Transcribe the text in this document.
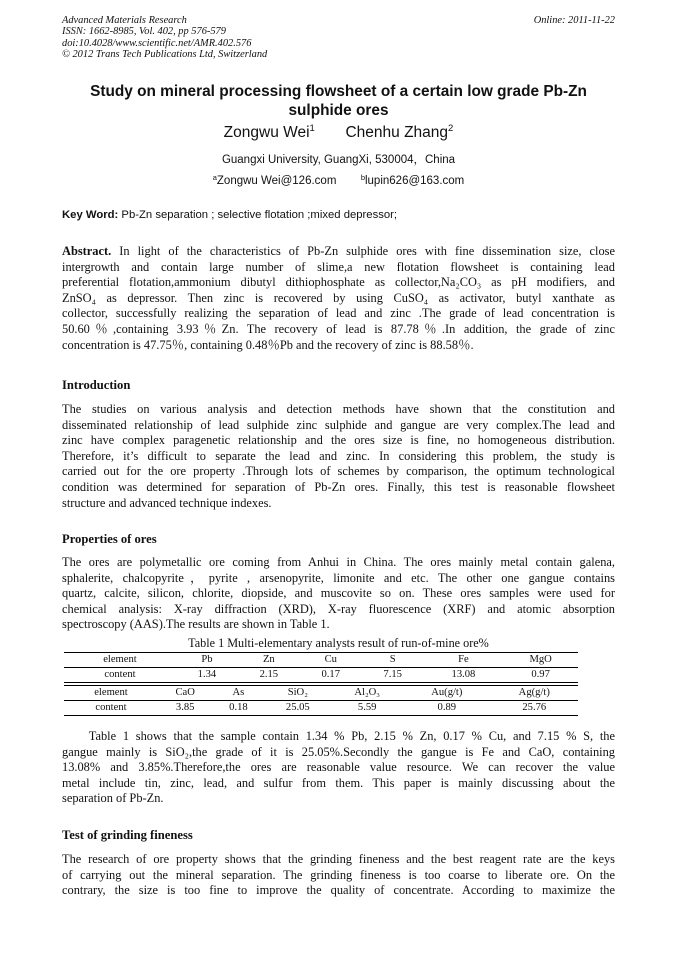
Advanced Materials Research
ISSN: 1662-8985, Vol. 402, pp 576-579
doi:10.4028/www.scientific.net/AMR.402.576
© 2012 Trans Tech Publications Ltd, Switzerland
Online: 2011-11-22
Study on mineral processing flowsheet of a certain low grade Pb-Zn
sulphide ores
Zongwu Wei$^1$ Chenhu Zhang$^2$
Guangxi University, GuangXi, 530004，China
$^a$Zongwu Wei@126.com	$^b$lupin626@163.com
Key Word: Pb-Zn separation ; selective flotation ;mixed depressor;
Abstract. In light of the characteristics of Pb-Zn sulphide ores with fine dissemination size, close
intergrowth and contain large number of slime,a new flotation flowsheet is containing lead
preferential flotation,ammonium dibutyl dithiophosphate as collector,Na₂CO₃ as pH modifiers, and
ZnSO₄ as depressor. Then zinc is recovered by using CuSO₄ as activator, butyl xanthate as
collector, successfully realizing the separation of lead and zinc .The grade of lead concentration is
50.60％,containing 3.93％Zn. The recovery of lead is 87.78％.In addition, the grade of zinc
concentration is 47.75％, containing 0.48％Pb and the recovery of zinc is 88.58％.
Introduction
The studies on various analysis and detection methods have shown that the constitution and
disseminated relationship of lead sulphide zinc sulphide and gangue are very complex.The lead and
zinc have complex paragenetic relationship and the ores size is fine, no homogeneous distribution.
Therefore, it’s difficult to separate the lead and zinc. In considering this problem, the study is
carried out for the ore property .Through lots of schemes by comparison, the optimum technological
condition was determined for separation of Pb-Zn ores. Finally, this test is reasonable flowsheet
structure and advanced technique indexes.
Properties of ores
The ores are polymetallic ore coming from Anhui in China. The ores mainly metal contain galena,
sphalerite, chalcopyrite，pyrite , arsenopyrite, limonite and etc. The other one gangue contains
quartz, calcite, silicon, chlorite, diopside, and muscovite so on. These ores samples were used for
chemical analysis: X-ray diffraction (XRD), X-ray fluorescence (XRF) and atomic absorption
spectroscopy (AAS).The results are shown in Table 1.
Table 1 Multi-elementary analysts result of run-of-mine ore%
element	Pb	Zn	Cu	S	Fe	MgO
content	1.34	2.15	0.17	7.15	13.08	0.97
element	CaO	As	SiO₂	Al₂O₃	Au(g/t)	Ag(g/t)
content	3.85	0.18	25.05	5.59	0.89	25.76
Table 1 shows that the sample contain 1.34 % Pb, 2.15 % Zn, 0.17 % Cu, and 7.15 % S, the
gangue mainly is SiO₂,the grade of it is 25.05%.Secondly the gangue is Fe and CaO, containing
13.08% and 3.85%.Therefore,the ores are reasonable value resource. We can recover the value
metal include tin, zinc, lead, and sulfur from them. This paper is mainly discussing about the
separation of Pb-Zn.
Test of grinding fineness
The research of ore property shows that the grinding fineness and the best reagent rate are the keys
of carrying out the mineral separation. The grinding fineness is too coarse to liberate ore. On the
contrary, the size is too fine to improve the quality of concentrate. According to maximize the
